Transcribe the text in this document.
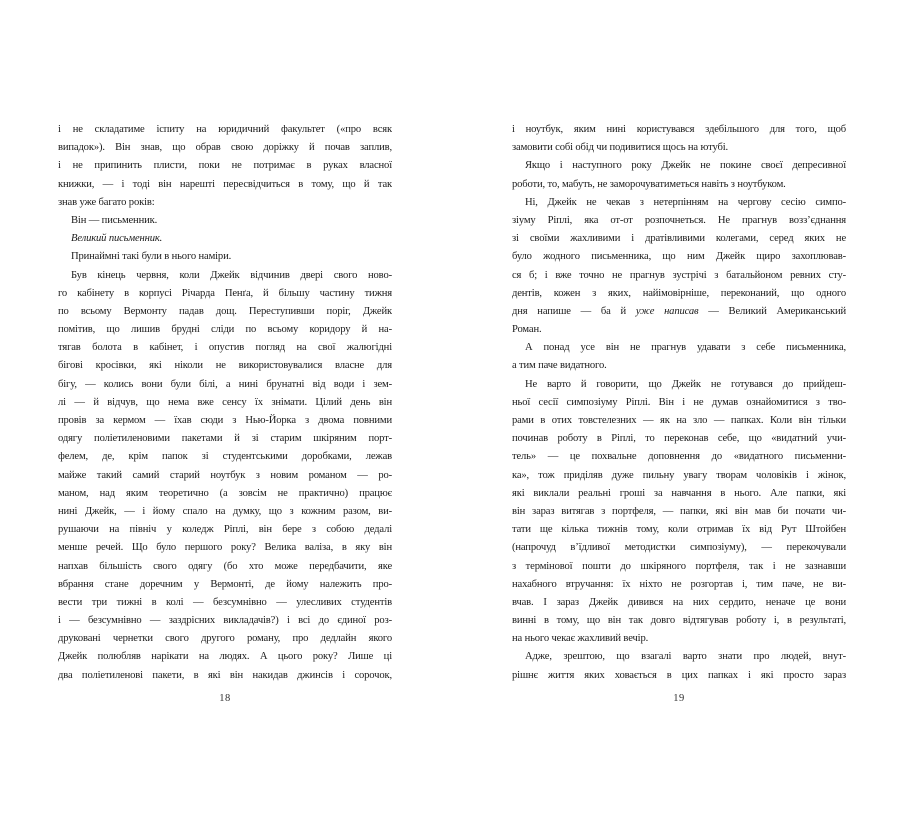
і не складатиме іспиту на юридичний факультет («про всяк
випадок»). Він знав, що обрав свою доріжку й почав заплив,
і не припинить плисти, поки не потримає в руках власної
книжки, — і тоді він нарешті пересвідчиться в тому, що й так
знав уже багато років:
Він — письменник.
Великий письменник.
Принаймні такі були в нього наміри.
Був кінець червня, коли Джейк відчинив двері свого ново-
го кабінету в корпусі Річарда Пенґа, й більшу частину тижня
по всьому Вермонту падав дощ. Переступивши поріг, Джейк
помітив, що лишив брудні сліди по всьому коридору й на-
тягав болота в кабінет, і опустив погляд на свої жалюгідні
бігові кросівки, які ніколи не використовувалися власне для
бігу, — колись вони були білі, а нині брунатні від води і зем-
лі — й відчув, що нема вже сенсу їх знімати. Цілий день він
провів за кермом — їхав сюди з Нью-Йорка з двома повними
одягу поліетиленовими пакетами й зі старим шкіряним порт-
фелем, де, крім папок зі студентськими доробками, лежав
майже такий самий старий ноутбук з новим романом — ро-
маном, над яким теоретично (а зовсім не практично) працює
нині Джейк, — і йому спало на думку, що з кожним разом, ви-
рушаючи на північ у коледж Ріплі, він бере з собою дедалі
менше речей. Що було першого року? Велика валіза, в яку він
напхав більшість свого одягу (бо хто може передбачити, яке
вбрання стане доречним у Вермонті, де йому належить про-
вести три тижні в колі — безсумнівно — улесливих студентів
і — безсумнівно — заздрісних викладачів?) і всі до єдиної роз-
друковані чернетки свого другого роману, про дедлайн якого
Джейк полюбляв нарікати на людях. А цього року? Лише ці
два поліетиленові пакети, в які він накидав джинсів і сорочок,
18
і ноутбук, яким нині користувався здебільшого для того, щоб
замовити собі обід чи подивитися щось на ютубі.
Якщо і наступного року Джейк не покине своєї депресивної
роботи, то, мабуть, не заморочуватиметься навіть з ноутбуком.
Ні, Джейк не чекав з нетерпінням на чергову сесію симпо-
зіуму Ріплі, яка от-от розпочнеться. Не прагнув возз’єднання
зі своїми жахливими і дратівливими колегами, серед яких не
було жодного письменника, що ним Джейк щиро захоплював-
ся б; і вже точно не прагнув зустрічі з батальйоном ревних сту-
дентів, кожен з яких, найімовірніше, переконаний, що одного
дня напише — ба й уже написав — Великий Американський
Роман.
А понад усе він не прагнув удавати з себе письменника,
а тим паче видатного.
Не варто й говорити, що Джейк не готувався до прийдеш-
ньої сесії симпозіуму Ріплі. Він і не думав ознайомитися з тво-
рами в отих товстелезних — як на зло — папках. Коли він тільки
починав роботу в Ріплі, то переконав себе, що «видатний учи-
тель» — це похвальне доповнення до «видатного письменни-
ка», тож приділяв дуже пильну увагу творам чоловіків і жінок,
які виклали реальні гроші за навчання в нього. Але папки, які
він зараз витягав з портфеля, — папки, які він мав би почати чи-
тати ще кілька тижнів тому, коли отримав їх від Рут Штойбен
(напрочуд в’їдливої методистки симпозіуму), — перекочували
з термінової пошти до шкіряного портфеля, так і не зазнавши
нахабного втручання: їх ніхто не розгортав і, тим паче, не ви-
вчав. І зараз Джейк дивився на них сердито, неначе це вони
винні в тому, що він так довго відтягував роботу і, в результаті,
на нього чекає жахливий вечір.
Адже, зрештою, що взагалі варто знати про людей, внут-
рішнє життя яких ховається в цих папках і які просто зараз
19
